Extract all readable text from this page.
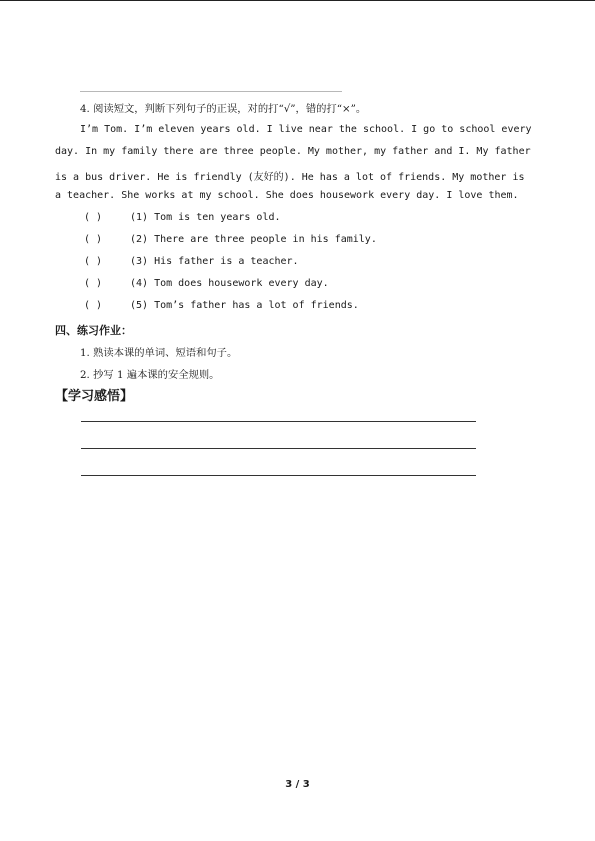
4. 阅读短文，判断下列句子的正误，对的打“√”，错的打“×”。
I’m Tom. I’m eleven years old. I live near the school. I go to school every
day. In my family there are three people. My mother, my father and I. My father
is a bus driver. He is friendly (友好的). He has a lot of friends. My mother is
a teacher. She works at my school. She does housework every day. I love them.
( )	(1) Tom is ten years old.
( )	(2) There are three people in his family.
( )	(3) His father is a teacher.
( )	(4) Tom does housework every day.
( )	(5) Tom’s father has a lot of friends.
四、练习作业：
1. 熟读本课的单词、短语和句子。
2. 抄写 1 遍本课的安全规则。
【学习感悟】
3 / 3
